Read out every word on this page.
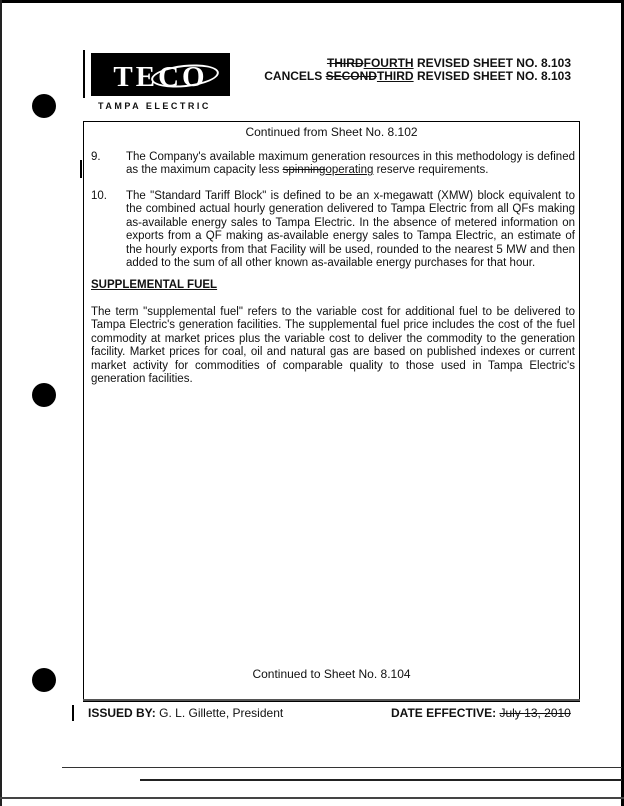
TECO
TAMPA ELECTRIC
THIRDFOURTH REVISED SHEET NO. 8.103
CANCELS SECONDTHIRD REVISED SHEET NO. 8.103
Continued from Sheet No. 8.102
9. The Company's available maximum generation resources in this methodology is defined as the maximum capacity less spinningoperating reserve requirements.
10. The "Standard Tariff Block" is defined to be an x-megawatt (XMW) block equivalent to the combined actual hourly generation delivered to Tampa Electric from all QFs making as-available energy sales to Tampa Electric. In the absence of metered information on exports from a QF making as-available energy sales to Tampa Electric, an estimate of the hourly exports from that Facility will be used, rounded to the nearest 5 MW and then added to the sum of all other known as-available energy purchases for that hour.
SUPPLEMENTAL FUEL
The term "supplemental fuel" refers to the variable cost for additional fuel to be delivered to Tampa Electric's generation facilities. The supplemental fuel price includes the cost of the fuel commodity at market prices plus the variable cost to deliver the commodity to the generation facility. Market prices for coal, oil and natural gas are based on published indexes or current market activity for commodities of comparable quality to those used in Tampa Electric's generation facilities.
Continued to Sheet No. 8.104
ISSUED BY: G. L. Gillette, President	DATE EFFECTIVE: July 13, 2010
